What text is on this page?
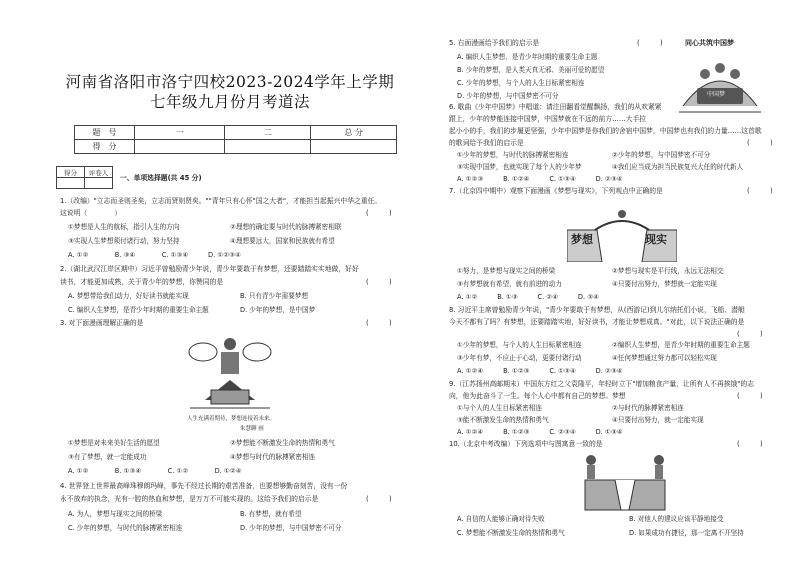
河南省洛阳市洛宁四校2023-2024学年上学期
七年级九月份月考道法
题　号	一	二	总 分
得　分			
得分	评卷人

一、单项选择题(共 45 分)
1.（改编）"立志而圣则圣矣，立志而贤则贤矣。""青年只有心怀"国之大者"，才能担当起振兴中华之重任。
这说明（　　　　）	(　　　)
①梦想是人生的航标，指引人生的方向	②理想的确定要与时代的脉搏紧密相联
③实现人生梦想须付诸行动，努力坚持	④理想要远大，国家和民族就有希望
A. ①②　　　　B. ③④　　　　C. ①③④　　　D. ①②③④
2.（湖北武汉江岸区期中）习近平曾勉励青少年说，青少年要敢于有梦想，还要踏踏实实地做，好好
读书，才能更加成熟，关于青少年的梦想，你赞同的是	(　　　)
A. 梦想带给我们动力，好好读书就能实现	B. 只有青少年需要梦想
C. 编织人生梦想，是青少年时期的重要生命主题	D. 少年的梦想，是中国梦
3. 对下面漫画理解正确的是	(　　　)
人生充满着期待，梦想连接着未来。
朱慧聊 画
①梦想是对未来美好生活的愿望	②梦想能不断激发生命的热情和勇气
③有了梦想，就一定能成功	④梦想与时代的脉搏紧密相连
A. ①②　　　　B. ①③④　　　　C. ①②　　　　D. ①②④
4. 世界登上世界最高峰珠穆朗玛峰，事先不经过长期的艰苦准备，也要想够勤奋刻苦，没有一份
永不放弃的执念，光有一腔的热血和梦想，是万万不可能实现的。这给予我们的启示是	(　　　)
A. 为人，梦想与现实之间的桥梁	B. 有梦想，就有希望
C. 少年的梦想，与时代的脉搏紧密相连	D. 少年的梦想，与中国梦密不可分
5. 右面漫画给予我们的启示是	(　　　)
A. 编织人生梦想，是青少年时期的重要生命主题
B. 少年的梦想，是人类天真无邪、美丽可爱的愿望
C. 少年的梦想，与个人的人生目标紧密相连
D. 少年的梦想，与中国梦密不可分
同心共筑中国梦
中国梦
6. 歌曲《少年中国梦》中唱道：请注田翻看觉醒飘扬，我们的从欢紧紧
跟上，少年的梦能连接中国梦，中国梦就在不远的前方……大手拉
起小小的手，我们的步履更坚强，少年中国梦是你我们的舍宿中国梦，中国梦也有我们的力量……这首歌
的歌词给予我们的启示是	(　　　)
①少年的梦想，与时代的脉搏紧密相连	②少年的梦想，与中国梦密不可分
③实现中国梦，也就实现了每个人的少年梦	④我们应当成为担当民族复兴大任的时代新人
A. ①②③　　　B. ①②④　　　C. ①③④　　　D. ②③④
7.（北京四中期中）观察下面漫画《梦想与现实》，下列观点中正确的是	(　　　)
梦想	现实
①努力，是梦想与现实之间的桥梁	②梦想与现实是平行线，永远无法相交
③有梦想就有希望，就有前进的动力	④只要付出努力，梦想就一定能实现
A. ①②　　　B. ①③　　　C. ②④　　　D. ③④
8. 习近平主席曾勉励青少年说，"青少年要敢于有梦想，从(西游记)到儿尔纳托们小说，飞船、潜艇
今天不都有了吗？有梦想，还要踏踏实地，好好读书，才能让梦想成真。"对此，以下说法正确的是
(　　　)
①少年的梦想，与个人的人生目标紧密相连	②编织人生梦想，是青少年时期的重要生命主题
③少年有梦，不应止于心动，更要付诸行动	④任何梦想通过努力都可以轻松实现
A. ①②④　　　B. ①②③　　　C. ①③④　　　D. ②③④
9.（江苏扬州高邮期末）中国东方红之父袁隆平，年轻时立下"增加粮食产量，让所有人不再挨饿"的志
向，他为此奋斗了一生。每个人心中都有自己的梦想。梦想	(　　　)
①与个人的人生目标紧密相连	②与时代的脉搏紧密相连
③能不断激发生命的热情和勇气	④只要付出努力，就一定能实现
A. ①②④　　　B. ①②③　　　C. ②③④　　　D. ①③④
10.（北京中考改编）下列选项中与图寓意一致的是	(　　　)
A. 自信的人能够正确对待失败	B. 对他人的建议应该平静地接受
C. 梦想能不断激发生命的热情和勇气	D. 如果成功有捷径，那一定离不开坚持
